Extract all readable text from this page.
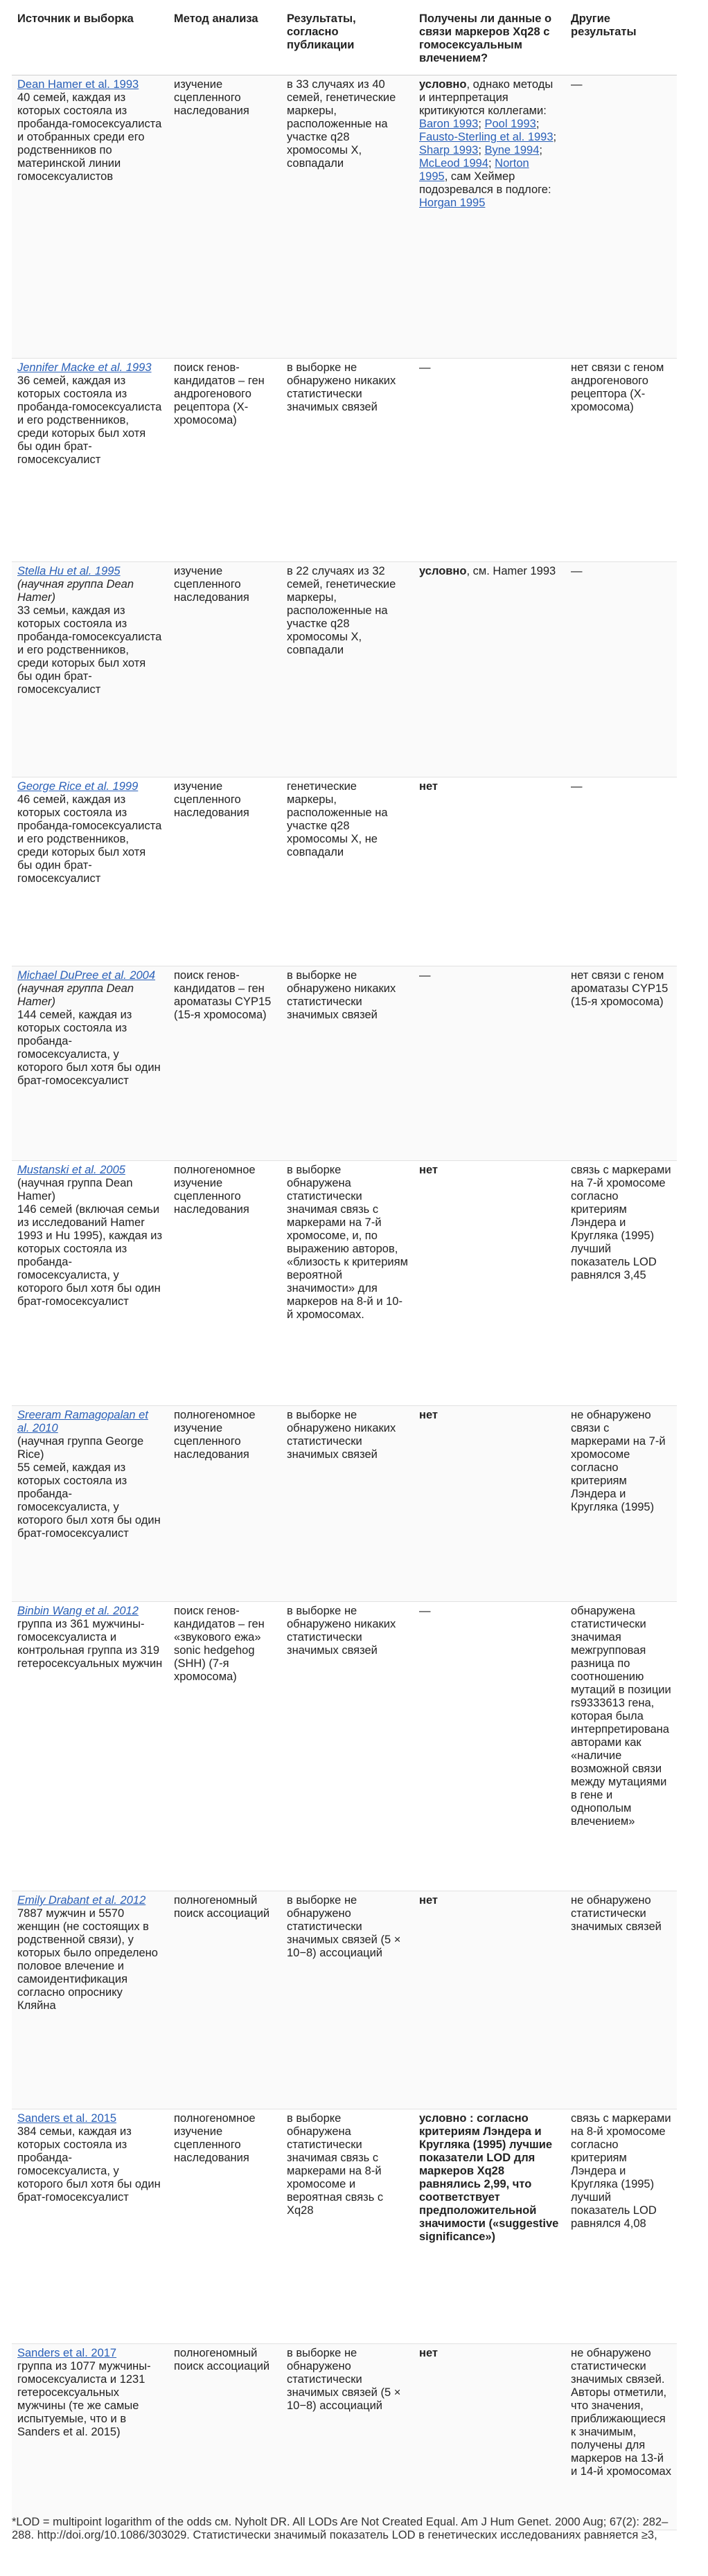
Источник и выборка	Метод анализа	Результаты, согласно публикации	Получены ли данные о связи маркеров Xq28 с гомосексуальным влечением?	Другие результаты
Dean Hamer et al. 1993
40 семей, каждая из которых состояла из пробанда-гомосексуалиста и отобранных среди его родственников по материнской линии гомосексуалистов	изучение сцепленного наследования	в 33 случаях из 40 семей, генетические маркеры, расположенные на участке q28 хромосомы Х, совпадали	условно, однако методы и интерпретация критикуются коллегами: Baron 1993; Pool 1993; Fausto-Sterling et al. 1993; Sharp 1993; Byne 1994; McLeod 1994; Norton 1995, сам Хеймер подозревался в подлоге: Horgan 1995	—
Jennifer Macke et al. 1993
36 семей, каждая из которых состояла из пробанда-гомосексуалиста и его родственников, среди которых был хотя бы один брат-гомосексуалист	поиск генов-кандидатов – ген андрогенового рецептора (Х-хромосома)	в выборке не обнаружено никаких статистически значимых связей	—	нет связи с геном андрогенового рецептора (Х-хромосома)
Stella Hu et al. 1995 (научная группа Dean Hamer)
33 семьи, каждая из которых состояла из пробанда-гомосексуалиста и его родственников, среди которых был хотя бы один брат-гомосексуалист	изучение сцепленного наследования	в 22 случаях из 32 семей, генетические маркеры, расположенные на участке q28 хромосомы Х, совпадали	условно, см. Hamer 1993	—
George Rice et al. 1999
46 семей, каждая из которых состояла из пробанда-гомосексуалиста и его родственников, среди которых был хотя бы один брат-гомосексуалист	изучение сцепленного наследования	генетические маркеры, расположенные на участке q28 хромосомы Х, не совпадали	нет	—
Michael DuPree et al. 2004 (научная группа Dean Hamer)
144 семей, каждая из которых состояла из пробанда-гомосексуалиста, у которого был хотя бы один брат-гомосексуалист	поиск генов-кандидатов – ген ароматазы CYP15 (15-я хромосома)	в выборке не обнаружено никаких статистически значимых связей	—	нет связи с геном ароматазы CYP15 (15-я хромосома)
Mustanski et al. 2005
(научная группа Dean Hamer)
146 семей (включая семьи из исследований Hamer 1993 и Hu 1995), каждая из которых состояла из пробанда-гомосексуалиста, у которого был хотя бы один брат-гомосексуалист	полногеномное изучение сцепленного наследования	в выборке обнаружена статистически значимая связь с маркерами на 7-й хромосоме, и, по выражению авторов, «близость к критериям вероятной значимости» для маркеров на 8-й и 10-й хромосомах.	нет	связь с маркерами на 7-й хромосоме согласно критериям Лэндера и Кругляка (1995) лучший показатель LOD равнялся 3,45
Sreeram Ramagopalan et al. 2010
(научная группа George Rice)
55 семей, каждая из которых состояла из пробанда-гомосексуалиста, у которого был хотя бы один брат-гомосексуалист	полногеномное изучение сцепленного наследования	в выборке не обнаружено никаких статистически значимых связей	нет	не обнаружено связи с маркерами на 7-й хромосоме согласно критериям Лэндера и Кругляка (1995)
Binbin Wang et al. 2012
группа из 361 мужчины-гомосексуалиста и контрольная группа из 319 гетеросексуальных мужчин	поиск генов-кандидатов – ген «звукового ежа» sonic hedgehog (SHH) (7-я хромосома)	в выборке не обнаружено никаких статистически значимых связей	—	обнаружена статистически значимая межгрупповая разница по соотношению мутаций в позиции rs9333613 гена, которая была интерпретирована авторами как «наличие возможной связи между мутациями в гене и однополым влечением»
Emily Drabant et al. 2012
7887 мужчин и 5570 женщин (не состоящих в родственной связи), у которых было определено половое влечение и самоидентификация согласно опроснику Кляйна	полногеномный поиск ассоциаций	в выборке не обнаружено статистически значимых связей (5 × 10−8) ассоциаций	нет	не обнаружено статистически значимых связей
Sanders et al. 2015
384 семьи, каждая из которых состояла из пробанда-гомосексуалиста, у которого был хотя бы один брат-гомосексуалист	полногеномное изучение сцепленного наследования	в выборке обнаружена статистически значимая связь с маркерами на 8-й хромосоме и вероятная связь с Xq28	условно : согласно критериям Лэндера и Кругляка (1995) лучшие показатели LOD для маркеров Xq28 равнялись 2,99, что соответствует предположительной значимости («suggestive significance»)	связь с маркерами на 8-й хромосоме согласно критериям Лэндера и Кругляка (1995) лучший показатель LOD равнялся 4,08
Sanders et al. 2017
группа из 1077 мужчины-гомосексуалиста и 1231 гетеросексуальных мужчины (те же самые испытуемые, что и в Sanders et al. 2015)	полногеномный поиск ассоциаций	в выборке не обнаружено статистически значимых связей (5 × 10−8) ассоциаций	нет	не обнаружено статистически значимых связей. Авторы отметили, что значения, приближающиеся к значимым, получены для маркеров на 13-й и 14-й хромосомах
*LOD = multipoint logarithm of the odds см. Nyholt DR. All LODs Are Not Created Equal. Am J Hum Genet. 2000 Aug; 67(2): 282–288. http://doi.org/10.1086/303029. Статистически значимый показатель LOD в генетических исследованиях равняется ≥3,
